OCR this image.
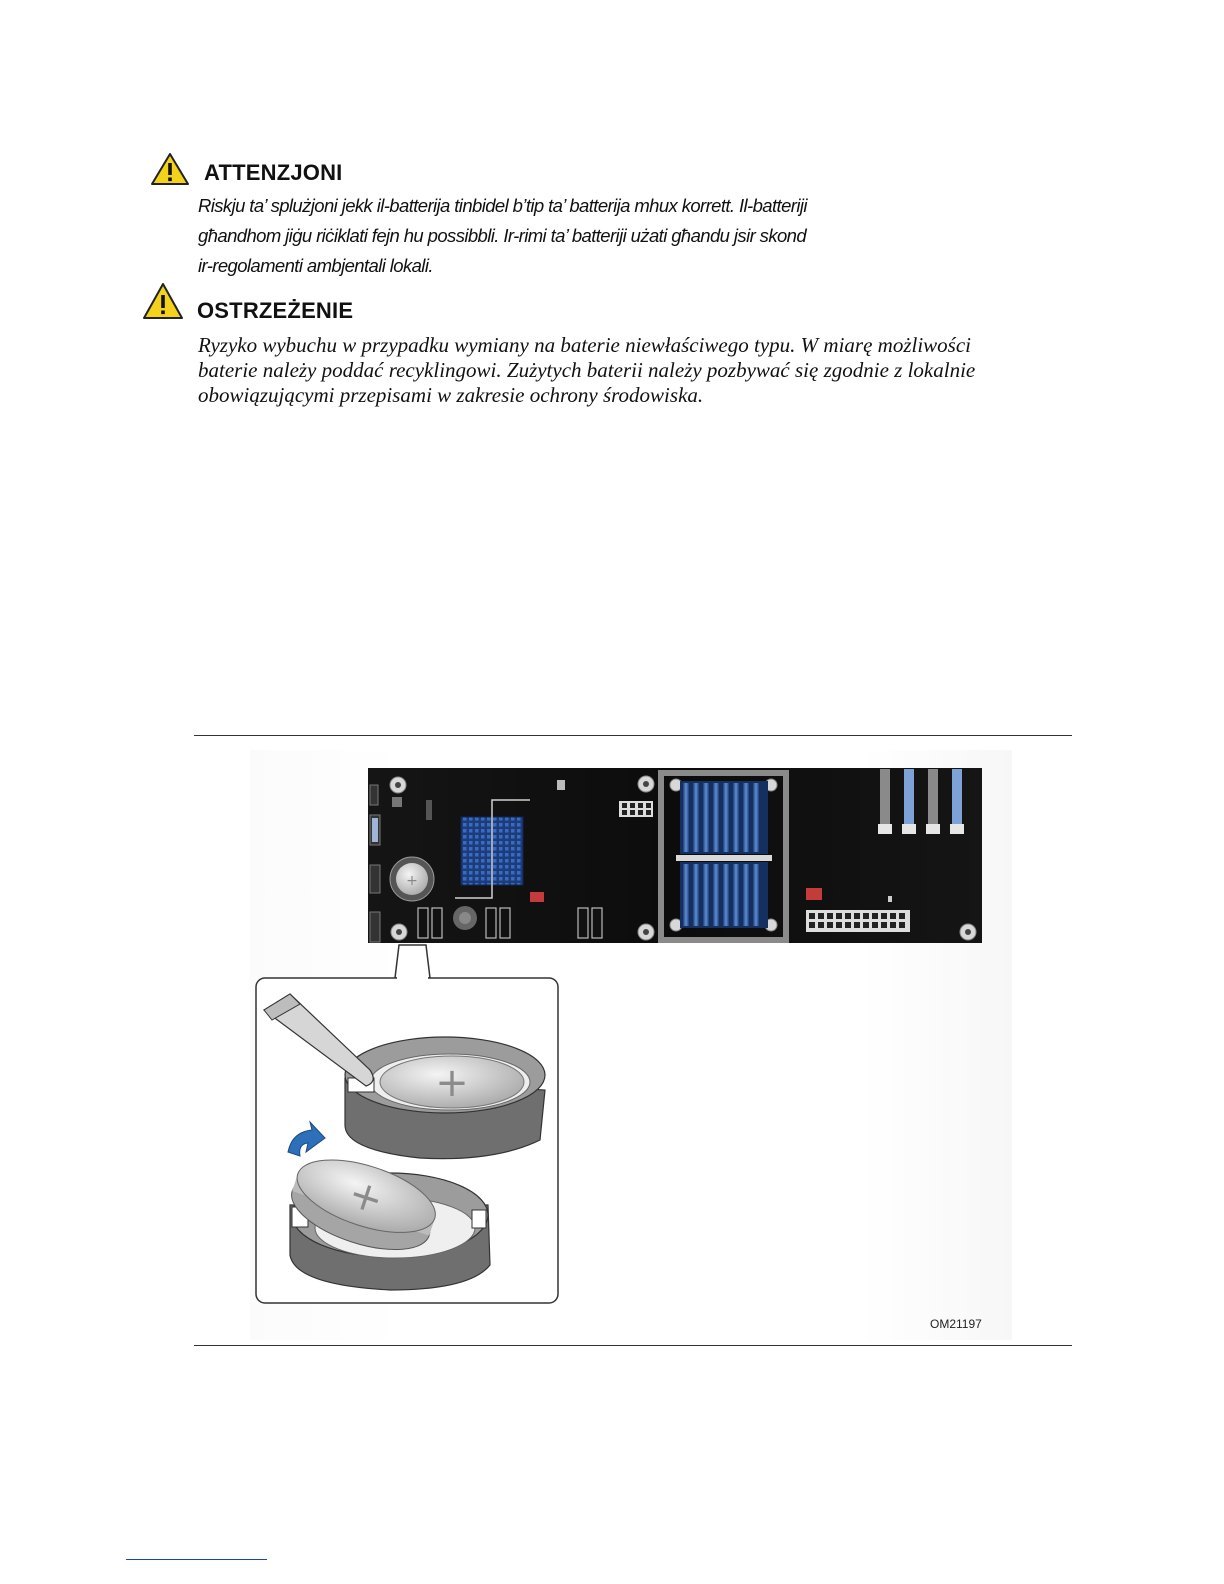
ATTENZJONI
Riskju ta’ splużjoni jekk il-batterija tinbidel b’tip ta’ batterija mhux korrett. Il-batteriji
għandhom jiġu riċiklati fejn hu possibbli. Ir-rimi ta’ batteriji użati għandu jsir skond
ir-regolamenti ambjentali lokali.
OSTRZEŻENIE
Ryzyko wybuchu w przypadku wymiany na baterie niewłaściwego typu. W miarę możliwości
baterie należy poddać recyklingowi. Zużytych baterii należy pozbywać się zgodnie z lokalnie
obowiązującymi przepisami w zakresie ochrony środowiska.
+
+
+
OM21197
